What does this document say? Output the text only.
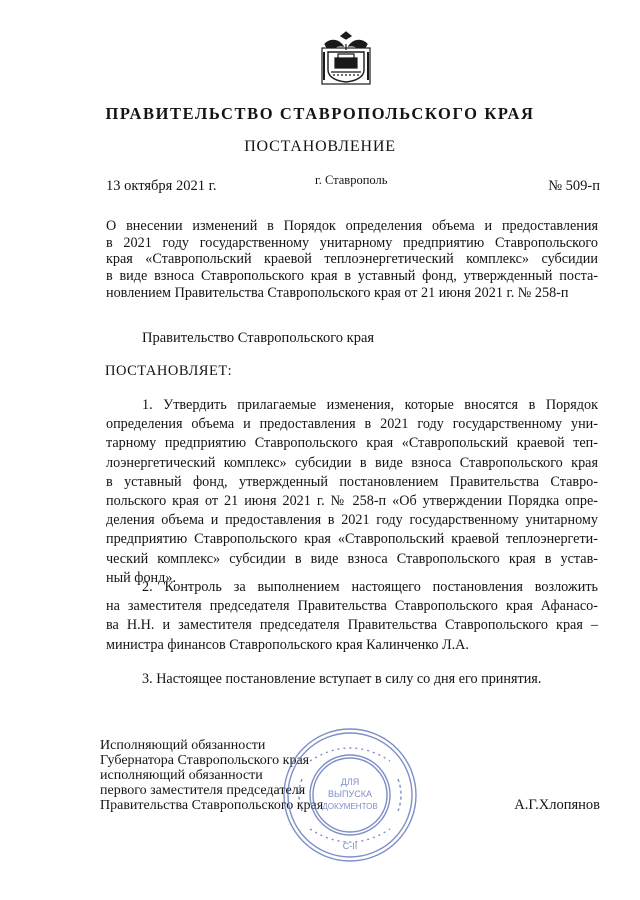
ПРАВИТЕЛЬСТВО СТАВРОПОЛЬСКОГО КРАЯ
ПОСТАНОВЛЕНИЕ
13 октября 2021 г.	г. Ставрополь	№ 509-п
О внесении изменений в Порядок определения объема и предоставления
в 2021 году государственному унитарному предприятию Ставропольского
края «Ставропольский краевой теплоэнергетический комплекс» субсидии
в виде взноса Ставропольского края в уставный фонд, утвержденный поста-
новлением Правительства Ставропольского края от 21 июня 2021 г. № 258-п
Правительство Ставропольского края
ПОСТАНОВЛЯЕТ:
1. Утвердить прилагаемые изменения, которые вносятся в Порядок
определения объема и предоставления в 2021 году государственному уни-
тарному предприятию Ставропольского края «Ставропольский краевой теп-
лоэнергетический комплекс» субсидии в виде взноса Ставропольского края
в уставный фонд, утвержденный постановлением Правительства Ставро-
польского края от 21 июня 2021 г. № 258-п «Об утверждении Порядка опре-
деления объема и предоставления в 2021 году государственному унитарному
предприятию Ставропольского края «Ставропольский краевой теплоэнергети-
ческий комплекс» субсидии в виде взноса Ставропольского края в устав-
ный фонд».
2. Контроль за выполнением настоящего постановления возложить
на заместителя председателя Правительства Ставропольского края Афанасо-
ва Н.Н. и заместителя председателя Правительства Ставропольского края –
министра финансов Ставропольского края Калинченко Л.А.
3. Настоящее постановление вступает в силу со дня его принятия.
Исполняющий обязанности
Губернатора Ставропольского края
исполняющий обязанности
первого заместителя председателя
Правительства Ставропольского края
ДЛЯ
ВЫПУСКА
ДОКУМЕНТОВ
С-II
А.Г.Хлопянов
